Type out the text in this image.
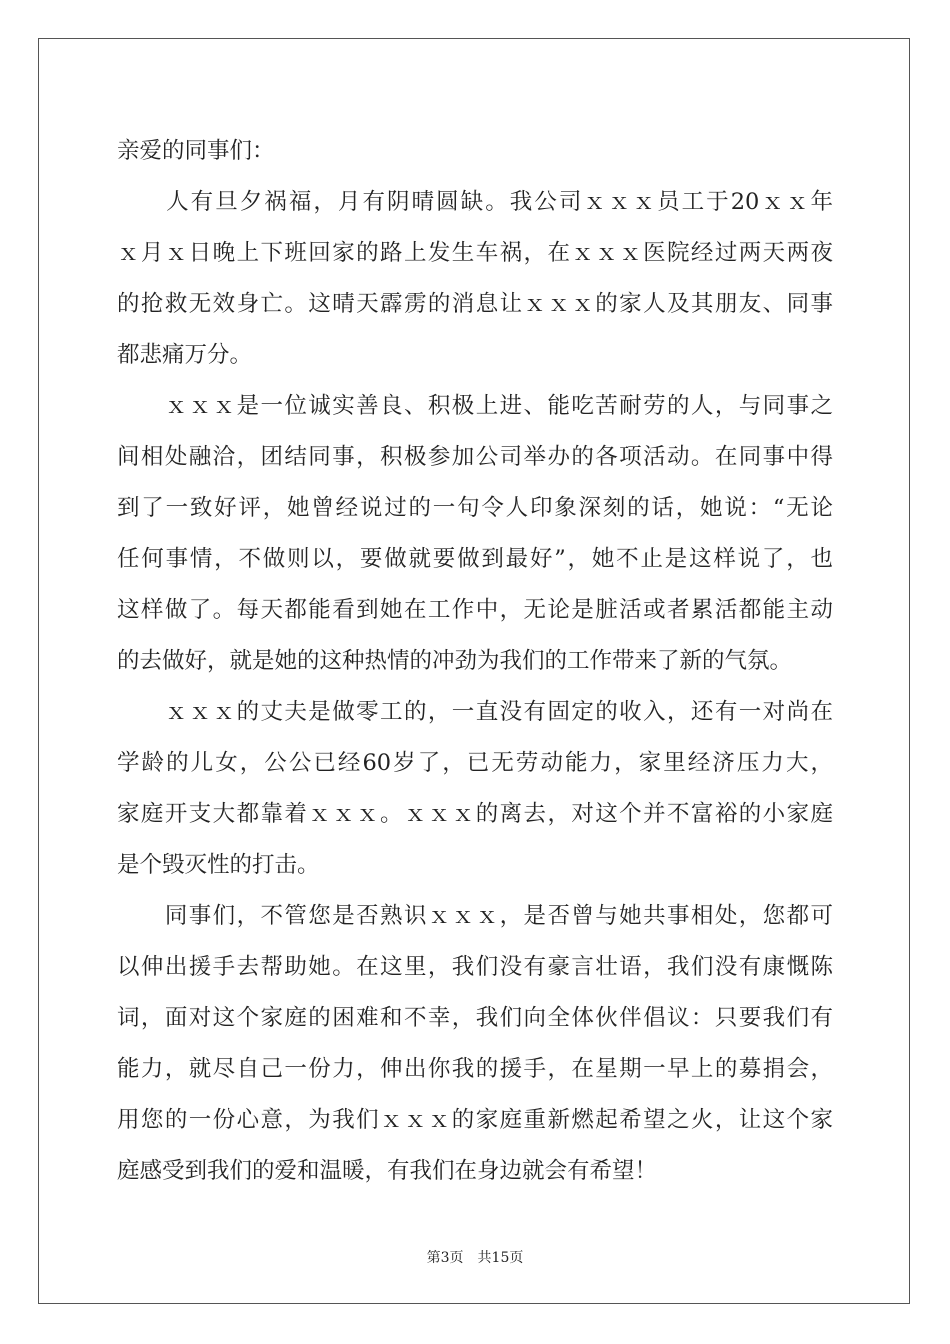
亲爱的同事们：
　　人有旦夕祸福，月有阴晴圆缺。我公司ｘｘｘ员工于20ｘｘ年
ｘ月ｘ日晚上下班回家的路上发生车祸，在ｘｘｘ医院经过两天两夜
的抢救无效身亡。这晴天霹雳的消息让ｘｘｘ的家人及其朋友、同事
都悲痛万分。
　　ｘｘｘ是一位诚实善良、积极上进、能吃苦耐劳的人，与同事之
间相处融洽，团结同事，积极参加公司举办的各项活动。在同事中得
到了一致好评，她曾经说过的一句令人印象深刻的话，她说：“无论
任何事情，不做则以，要做就要做到最好”，她不止是这样说了，也
这样做了。每天都能看到她在工作中，无论是脏活或者累活都能主动
的去做好，就是她的这种热情的冲劲为我们的工作带来了新的气氛。
　　ｘｘｘ的丈夫是做零工的，一直没有固定的收入，还有一对尚在
学龄的儿女，公公已经60岁了，已无劳动能力，家里经济压力大，
家庭开支大都靠着ｘｘｘ。ｘｘｘ的离去，对这个并不富裕的小家庭
是个毁灭性的打击。
　　同事们，不管您是否熟识ｘｘｘ，是否曾与她共事相处，您都可
以伸出援手去帮助她。在这里，我们没有豪言壮语，我们没有康慨陈
词，面对这个家庭的困难和不幸，我们向全体伙伴倡议：只要我们有
能力，就尽自己一份力，伸出你我的援手，在星期一早上的募捐会，
用您的一份心意，为我们ｘｘｘ的家庭重新燃起希望之火，让这个家
庭感受到我们的爱和温暖，有我们在身边就会有希望！
第3页 共15页
